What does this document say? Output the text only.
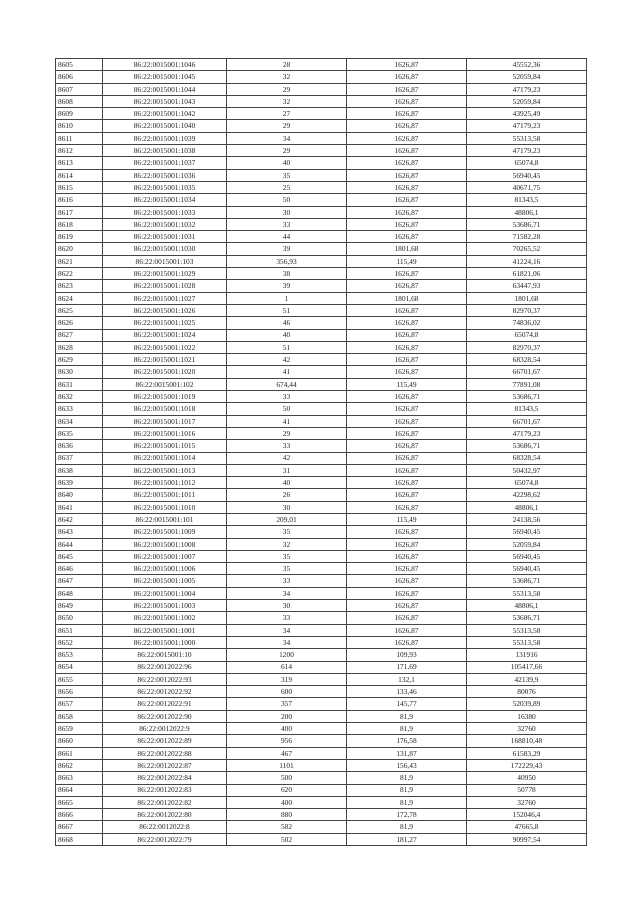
8605	86:22:0015001:1046	28	1626,87	45552,36
8606	86:22:0015001:1045	32	1626,87	52059,84
8607	86:22:0015001:1044	29	1626,87	47179,23
8608	86:22:0015001:1043	32	1626,87	52059,84
8609	86:22:0015001:1042	27	1626,87	43925,49
8610	86:22:0015001:1040	29	1626,87	47179,23
8611	86:22:0015001:1039	34	1626,87	55313,58
8612	86:22:0015001:1038	29	1626,87	47179,23
8613	86:22:0015001:1037	40	1626,87	65074,8
8614	86:22:0015001:1036	35	1626,87	56940,45
8615	86:22:0015001:1035	25	1626,87	40671,75
8616	86:22:0015001:1034	50	1626,87	81343,5
8617	86:22:0015001:1033	30	1626,87	48806,1
8618	86:22:0015001:1032	33	1626,87	53686,71
8619	86:22:0015001:1031	44	1626,87	71582,28
8620	86:22:0015001:1030	39	1801,68	70265,52
8621	86:22:0015001:103	356,93	115,49	41224,16
8622	86:22:0015001:1029	38	1626,87	61821,06
8623	86:22:0015001:1028	39	1626,87	63447,93
8624	86:22:0015001:1027	1	1801,68	1801,68
8625	86:22:0015001:1026	51	1626,87	82970,37
8626	86:22:0015001:1025	46	1626,87	74836,02
8627	86:22:0015001:1024	40	1626,87	65074,8
8628	86:22:0015001:1022	51	1626,87	82970,37
8629	86:22:0015001:1021	42	1626,87	68328,54
8630	86:22:0015001:1020	41	1626,87	66701,67
8631	86:22:0015001:102	674,44	115,49	77891,08
8632	86:22:0015001:1019	33	1626,87	53686,71
8633	86:22:0015001:1018	50	1626,87	81343,5
8634	86:22:0015001:1017	41	1626,87	66701,67
8635	86:22:0015001:1016	29	1626,87	47179,23
8636	86:22:0015001:1015	33	1626,87	53686,71
8637	86:22:0015001:1014	42	1626,87	68328,54
8638	86:22:0015001:1013	31	1626,87	50432,97
8639	86:22:0015001:1012	40	1626,87	65074,8
8640	86:22:0015001:1011	26	1626,87	42298,62
8641	86:22:0015001:1010	30	1626,87	48806,1
8642	86:22:0015001:101	209,01	115,49	24138,56
8643	86:22:0015001:1009	35	1626,87	56940,45
8644	86:22:0015001:1008	32	1626,87	52059,84
8645	86:22:0015001:1007	35	1626,87	56940,45
8646	86:22:0015001:1006	35	1626,87	56940,45
8647	86:22:0015001:1005	33	1626,87	53686,71
8648	86:22:0015001:1004	34	1626,87	55313,58
8649	86:22:0015001:1003	30	1626,87	48806,1
8650	86:22:0015001:1002	33	1626,87	53686,71
8651	86:22:0015001:1001	34	1626,87	55313,58
8652	86:22:0015001:1000	34	1626,87	55313,58
8653	86:22:0015001:10	1200	109,93	131916
8654	86:22:0012022:96	614	171,69	105417,66
8655	86:22:0012022:93	319	132,1	42139,9
8656	86:22:0012022:92	600	133,46	80076
8657	86:22:0012022:91	357	145,77	52039,89
8658	86:22:0012022:90	200	81,9	16380
8659	86:22:0012022:9	400	81,9	32760
8660	86:22:0012022:89	956	176,58	168810,48
8661	86:22:0012022:88	467	131,87	61583,29
8662	86:22:0012022:87	1101	156,43	172229,43
8663	86:22:0012022:84	500	81,9	40950
8664	86:22:0012022:83	620	81,9	50778
8665	86:22:0012022:82	400	81,9	32760
8666	86:22:0012022:80	880	172,78	152046,4
8667	86:22:0012022:8	582	81,9	47665,8
8668	86:22:0012022:79	502	181,27	90997,54
